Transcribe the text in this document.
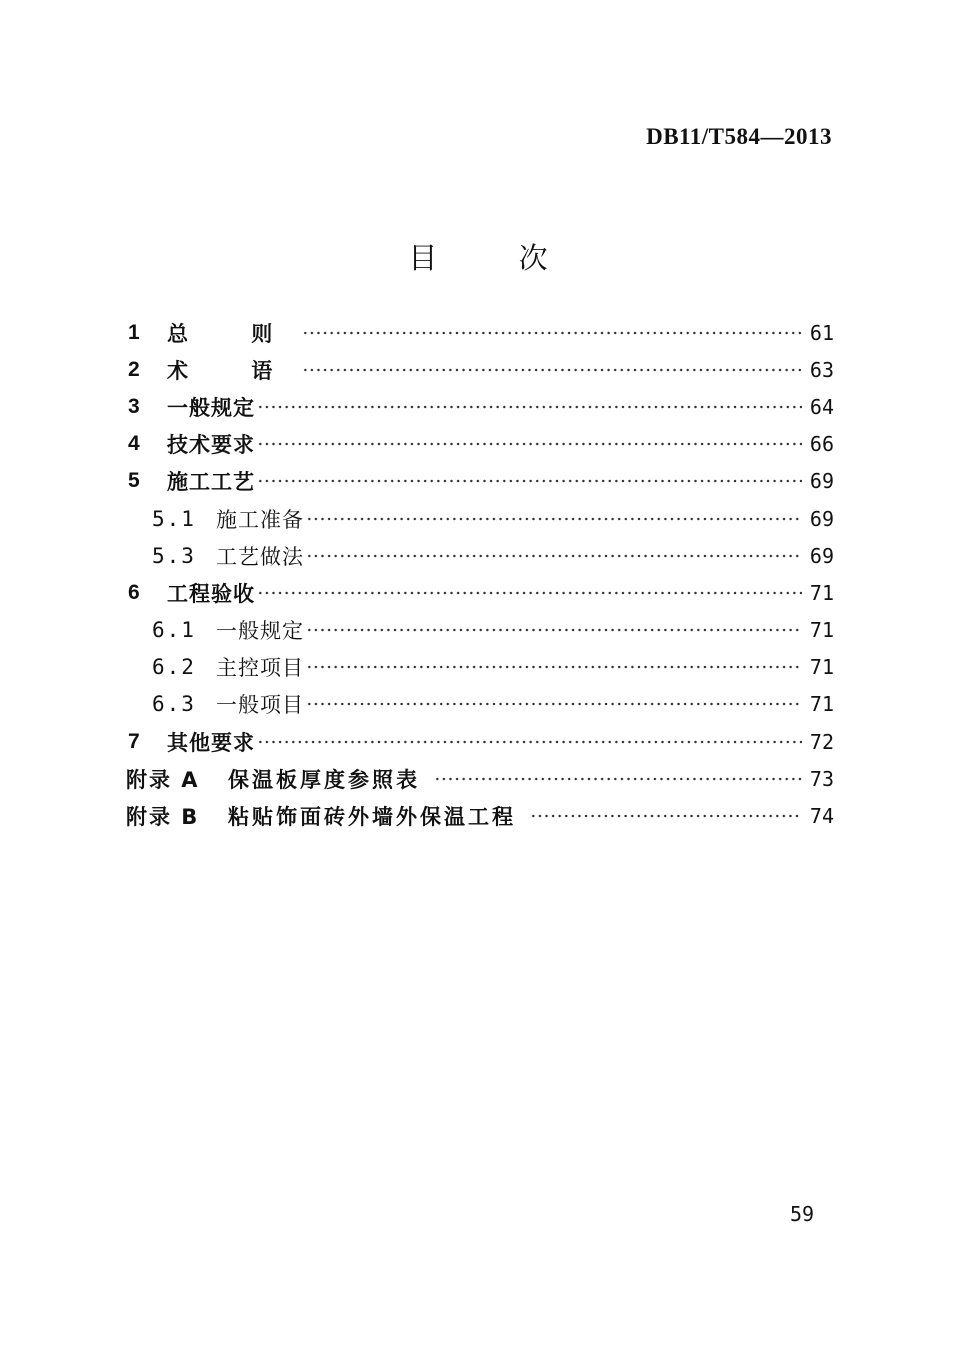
DB11/T584—2013
目 次
1	总 则	61
2	术 语	63
3	一般规定	64
4	技术要求	66
5	施工工艺	69
5.1 施工准备	69
5.3 工艺做法	69
6	工程验收	71
6.1 一般规定	71
6.2 主控项目	71
6.3 一般项目	71
7	其他要求	72
附录 A	保温板厚度参照表	73
附录 B	粘贴饰面砖外墙外保温工程	74
59
